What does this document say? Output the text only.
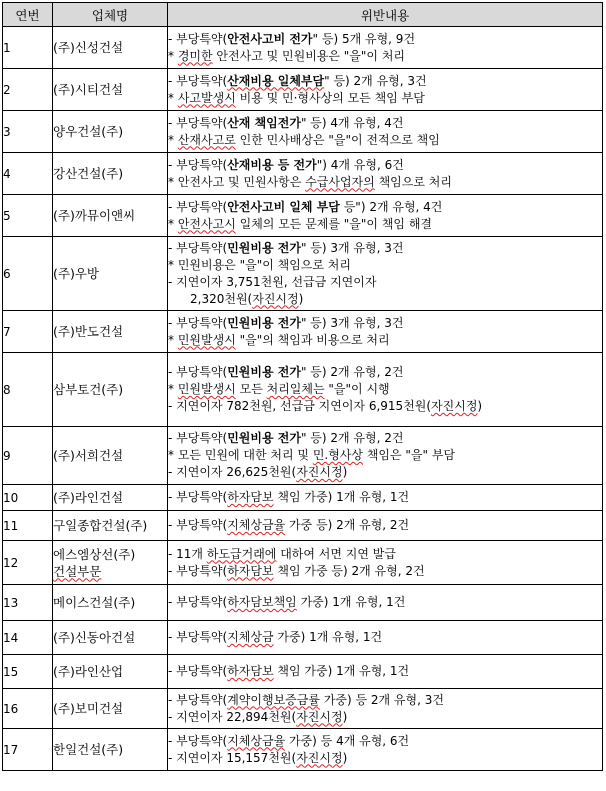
연번	업체명	위반내용
1	(주)신성건설	- 부당특약(안전사고비 전가" 등) 5개 유형, 9건
* 경미한 안전사고 및 민원비용은 "을"이 처리

2	(주)시티건설	- 부당특약(산재비용 일체부담" 등) 2개 유형, 3건
* 사고발생시 비용 및 민·형사상의 모든 책임 부담

3	양우건설(주)	- 부당특약(산재 책임전가" 등) 4개 유형, 4건
* 산재사고로 인한 민사배상은 "을"이 전적으로 책임

4	강산건설(주)	- 부당특약(산재비용 등 전가") 4개 유형, 6건
* 안전사고 및 민원사항은 수급사업자의 책임으로 처리

5	(주)까뮤이앤씨	- 부당특약(안전사고비 일체 부담 등") 2개 유형, 4건
* 안전사고시 일체의 모든 문제를 "을"이 책임 해결

6	(주)우방	- 부당특약(민원비용 전가" 등) 3개 유형, 3건
* 민원비용은 "을"이 책임으로 처리
- 지연이자 3,751천원, 선급금 지연이자
2,320천원(자진시정)

7	(주)반도건설	- 부당특약(민원비용 전가" 등) 3개 유형, 3건
* 민원발생시 "을"의 책임과 비용으로 처리

8	삼부토건(주)	- 부당특약(민원비용 전가" 등) 2개 유형, 2건
* 민원발생시 모든 처리일체는 "을"이 시행
- 지연이자 782천원, 선급금 지연이자 6,915천원(자진시정)

9	(주)서희건설	- 부당특약(민원비용 전가" 등) 2개 유형, 2건
* 모든 민원에 대한 처리 및 민.형사상 책임은 "을" 부담
- 지연이자 26,625천원(자진시정)

10	(주)라인건설	- 부당특약(하자담보 책임 가중) 1개 유형, 1건

11	구일종합건설(주)	- 부당특약(지체상금율 가중 등) 2개 유형, 2건

12	에스엠상선(주)
건설부문	- 11개 하도급거래에 대하여 서면 지연 발급
- 부당특약(하자담보 책임 가중 등) 2개 유형, 2건

13	메이스건설(주)	- 부당특약(하자담보책임 가중) 1개 유형, 1건

14	(주)신동아건설	- 부당특약(지체상금 가중) 1개 유형, 1건

15	(주)라인산업	- 부당특약(하자담보 책임 가중) 1개 유형, 1건

16	(주)보미건설	- 부당특약(계약이행보증금률 가중) 등 2개 유형, 3건
- 지연이자 22,894천원(자진시정)

17	한일건설(주)	- 부당특약(지체상금율 가중) 등 4개 유형, 6건
- 지연이자 15,157천원(자진시정)
